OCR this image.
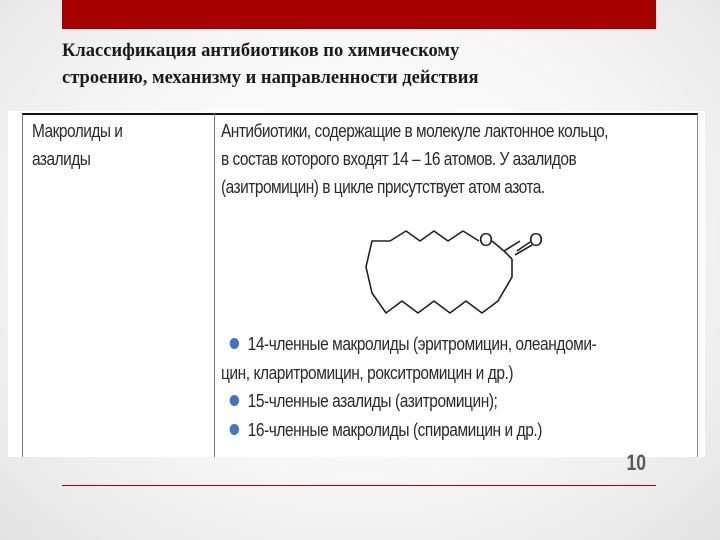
Классификация антибиотиков по химическому
строению, механизму и направленности действия
Макролиды и
азалиды
Антибиотики, содержащие в молекуле лактонное кольцо,
в состав которого входят 14 – 16 атомов. У азалидов
(азитромицин) в цикле присутствует атом азота.
O O
14-членные макролиды (эритромицин, олеандоми-
цин, кларитромицин, рокситромицин и др.)
15-членные азалиды (азитромицин);
16-членные макролиды (спирамицин и др.)
10
